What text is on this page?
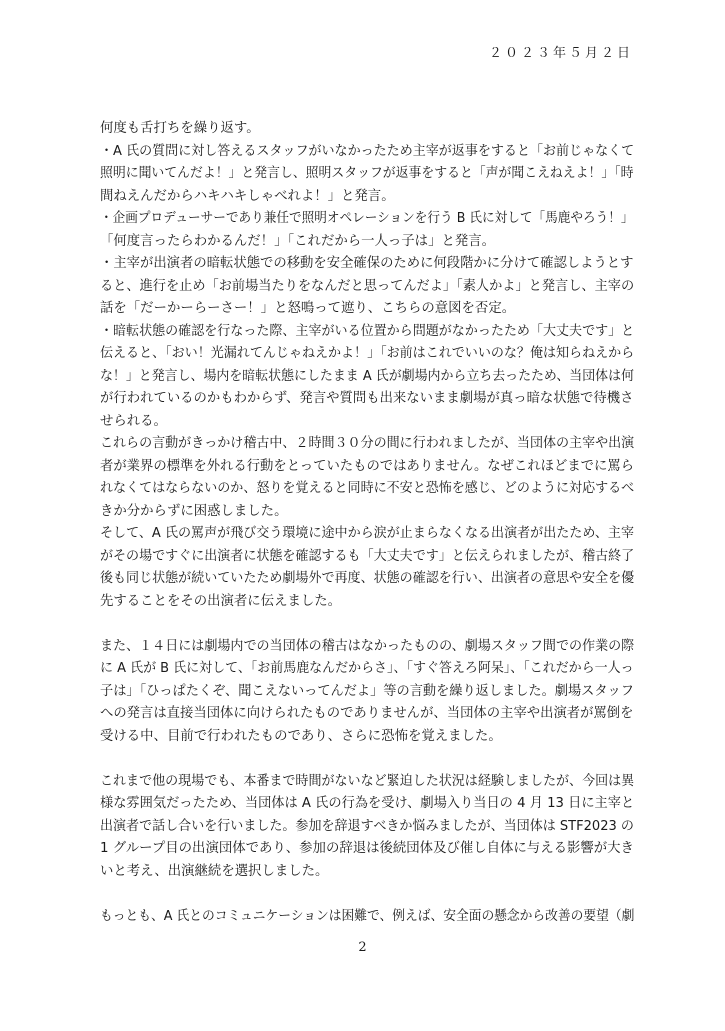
２０２３年５月２日
何度も舌打ちを繰り返す。
・A 氏の質問に対し答えるスタッフがいなかったため主宰が返事をすると「お前じゃなくて
照明に聞いてんだよ！」と発言し、照明スタッフが返事をすると「声が聞こえねえよ！」「時
間ねえんだからハキハキしゃべれよ！」と発言。
・企画プロデューサーであり兼任で照明オペレーションを行う B 氏に対して「馬鹿やろう！」
「何度言ったらわかるんだ！」「これだから一人っ子は」と発言。
・主宰が出演者の暗転状態での移動を安全確保のために何段階かに分けて確認しようとす
ると、進行を止め「お前場当たりをなんだと思ってんだよ」「素人かよ」と発言し、主宰の
話を「だーかーらーさー！」と怒鳴って遮り、こちらの意図を否定。
・暗転状態の確認を行なった際、主宰がいる位置から問題がなかったため「大丈夫です」と
伝えると、「おい！光漏れてんじゃねえかよ！」「お前はこれでいいのな？俺は知らねえから
な！」と発言し、場内を暗転状態にしたまま A 氏が劇場内から立ち去ったため、当団体は何
が行われているのかもわからず、発言や質問も出来ないまま劇場が真っ暗な状態で待機さ
せられる。
これらの言動がきっかけ稽古中、２時間３０分の間に行われましたが、当団体の主宰や出演
者が業界の標準を外れる行動をとっていたものではありません。なぜこれほどまでに罵ら
れなくてはならないのか、怒りを覚えると同時に不安と恐怖を感じ、どのように対応するべ
きか分からずに困惑しました。
そして、A 氏の罵声が飛び交う環境に途中から涙が止まらなくなる出演者が出たため、主宰
がその場ですぐに出演者に状態を確認するも「大丈夫です」と伝えられましたが、稽古終了
後も同じ状態が続いていたため劇場外で再度、状態の確認を行い、出演者の意思や安全を優
先することをその出演者に伝えました。
また、１４日には劇場内での当団体の稽古はなかったものの、劇場スタッフ間での作業の際
に A 氏が B 氏に対して、「お前馬鹿なんだからさ」、「すぐ答えろ阿呆」、「これだから一人っ
子は」「ひっぱたくぞ、聞こえないってんだよ」等の言動を繰り返しました。劇場スタッフ
への発言は直接当団体に向けられたものでありませんが、当団体の主宰や出演者が罵倒を
受ける中、目前で行われたものであり、さらに恐怖を覚えました。
これまで他の現場でも、本番まで時間がないなど緊迫した状況は経験しましたが、今回は異
様な雰囲気だったため、当団体は A 氏の行為を受け、劇場入り当日の 4 月 13 日に主宰と
出演者で話し合いを行いました。参加を辞退すべきか悩みましたが、当団体は STF2023 の
1 グループ目の出演団体であり、参加の辞退は後続団体及び催し自体に与える影響が大き
いと考え、出演継続を選択しました。
もっとも、A 氏とのコミュニケーションは困難で、例えば、安全面の懸念から改善の要望（劇
2
